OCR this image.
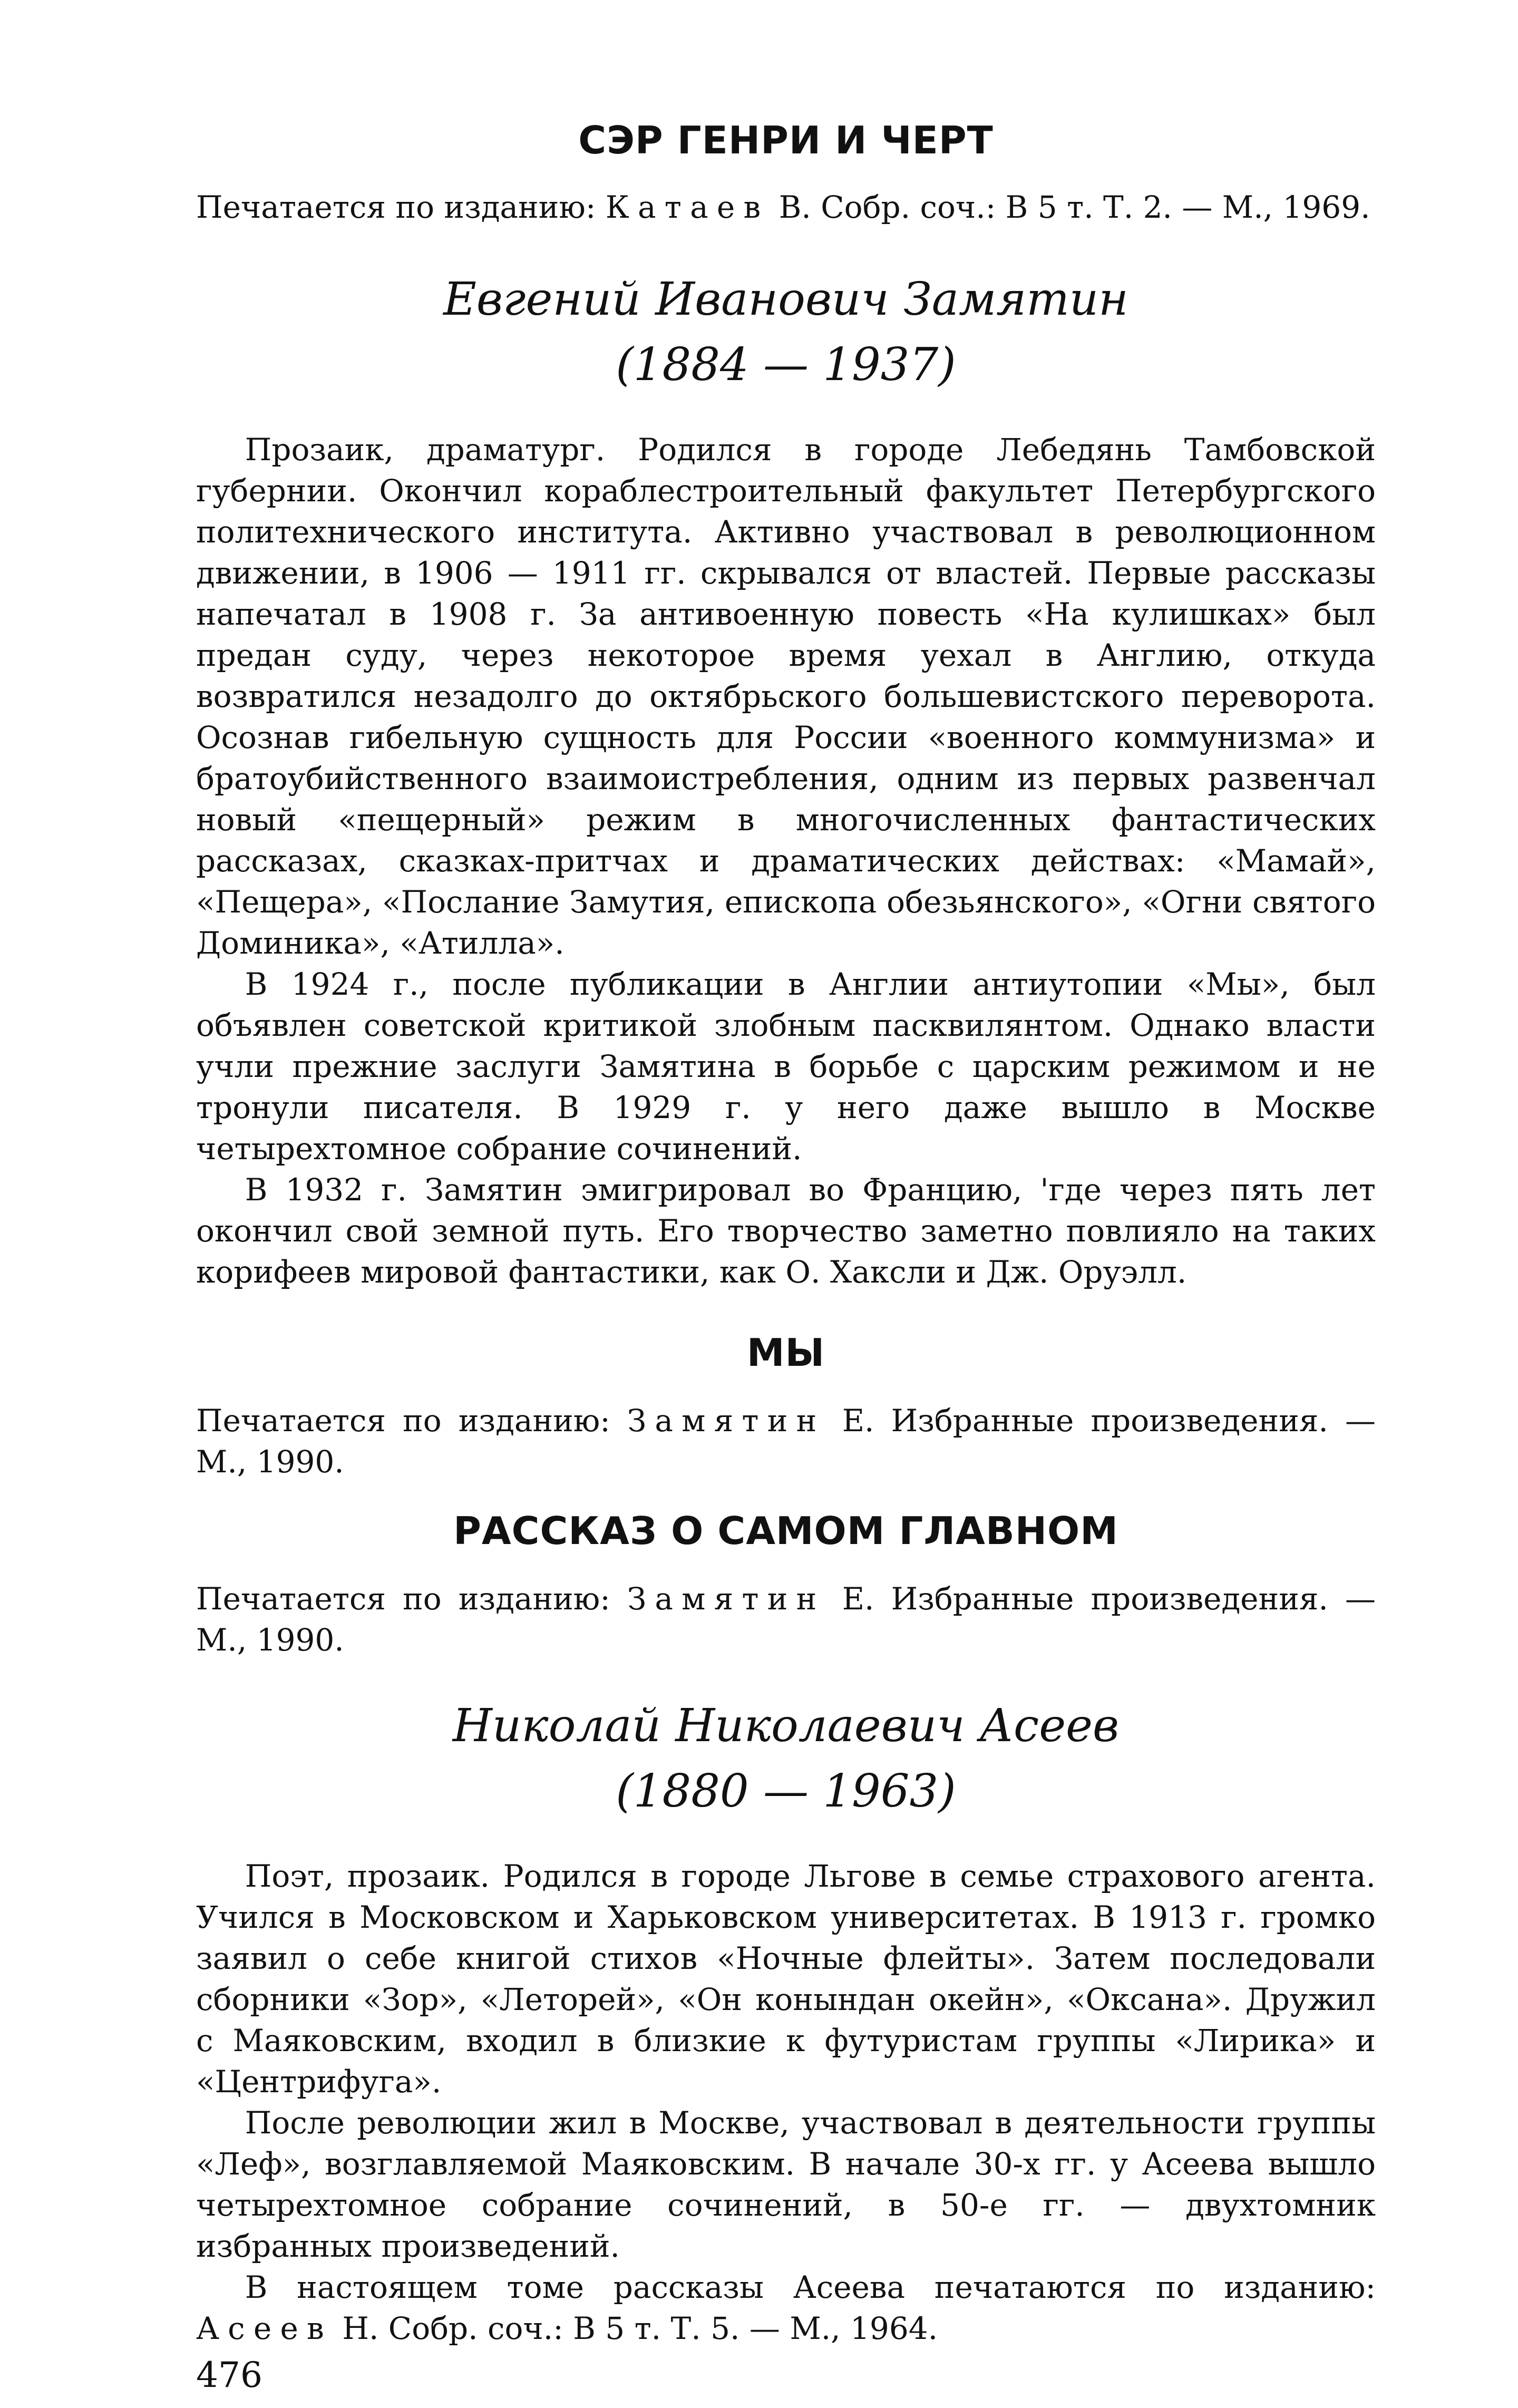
СЭР ГЕНРИ И ЧЕРТ

Печатается по изданию: Катаев В. Собр. соч.: В 5 т. Т. 2. — М., 1969.

Евгений Иванович Замятин
(1884 — 1937)

Прозаик, драматург. Родился в городе Лебедянь Тамбовской губернии. Окончил кораблестроительный факультет Петербургского политехнического института. Активно участвовал в революционном движении, в 1906 — 1911 гг. скрывался от властей. Первые рассказы напечатал в 1908 г. За антивоенную повесть «На кулишках» был предан суду, через некоторое время уехал в Англию, откуда возвратился незадолго до октябрьского большевистского переворота. Осознав гибельную сущность для России «военного коммунизма» и братоубийственного взаимоистребления, одним из первых развенчал новый «пещерный» режим в многочисленных фантастических рассказах, сказках-притчах и драматических действах: «Мамай», «Пещера», «Послание Замутия, епископа обезьянского», «Огни святого Доминика», «Атилла».

В 1924 г., после публикации в Англии антиутопии «Мы», был объявлен советской критикой злобным пасквилянтом. Однако власти учли прежние заслуги Замятина в борьбе с царским режимом и не тронули писателя. В 1929 г. у него даже вышло в Москве четырехтомное собрание сочинений.

В 1932 г. Замятин эмигрировал во Францию, 'где через пять лет окончил свой земной путь. Его творчество заметно повлияло на таких корифеев мировой фантастики, как О. Хаксли и Дж. Оруэлл.

МЫ

Печатается по изданию: Замятин Е. Избранные произведения. — М., 1990.

РАССКАЗ О САМОМ ГЛАВНОМ

Печатается по изданию: Замятин Е. Избранные произведения. — М., 1990.

Николай Николаевич Асеев
(1880 — 1963)

Поэт, прозаик. Родился в городе Льгове в семье страхового агента. Учился в Московском и Харьковском университетах. В 1913 г. громко заявил о себе книгой стихов «Ночные флейты». Затем последовали сборники «Зор», «Леторей», «Он конындан окейн», «Оксана». Дружил с Маяковским, входил в близкие к футуристам группы «Лирика» и «Центрифуга».

После революции жил в Москве, участвовал в деятельности группы «Леф», возглавляемой Маяковским. В начале 30-х гг. у Асеева вышло четырехтомное собрание сочинений, в 50-е гг. — двухтомник избранных произведений.

В настоящем томе рассказы Асеева печатаются по изданию: Асеев Н. Собр. соч.: В 5 т. Т. 5. — М., 1964.

476
